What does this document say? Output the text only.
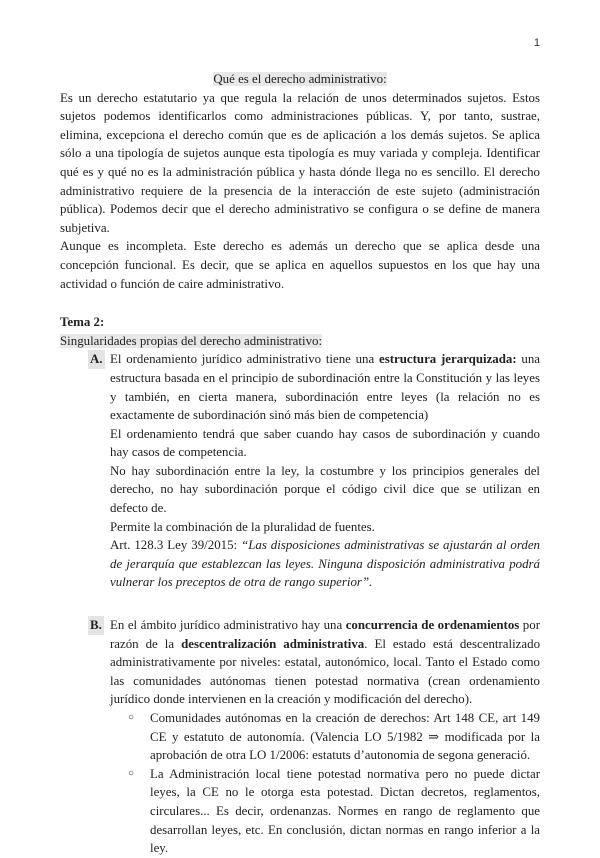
1

Qué es el derecho administrativo:

Es un derecho estatutario ya que regula la relación de unos determinados sujetos. Estos sujetos podemos identificarlos como administraciones públicas. Y, por tanto, sustrae, elimina, excepciona el derecho común que es de aplicación a los demás sujetos. Se aplica sólo a una tipología de sujetos aunque esta tipología es muy variada y compleja. Identificar qué es y qué no es la administración pública y hasta dónde llega no es sencillo. El derecho administrativo requiere de la presencia de la interacción de este sujeto (administración pública). Podemos decir que el derecho administrativo se configura o se define de manera subjetiva.

Aunque es incompleta. Este derecho es además un derecho que se aplica desde una concepción funcional. Es decir, que se aplica en aquellos supuestos en los que hay una actividad o función de caire administrativo.

Tema 2:

Singularidades propias del derecho administrativo:

A. El ordenamiento jurídico administrativo tiene una estructura jerarquizada: una estructura basada en el principio de subordinación entre la Constitución y las leyes y también, en cierta manera, subordinación entre leyes (la relación no es exactamente de subordinación sinó más bien de competencia)

El ordenamiento tendrá que saber cuando hay casos de subordinación y cuando hay casos de competencia.

No hay subordinación entre la ley, la costumbre y los principios generales del derecho, no hay subordinación porque el código civil dice que se utilizan en defecto de.

Permite la combinación de la pluralidad de fuentes.

Art. 128.3 Ley 39/2015: “Las disposiciones administrativas se ajustarán al orden de jerarquía que establezcan las leyes. Ninguna disposición administrativa podrá vulnerar los preceptos de otra de rango superior”.

B. En el ámbito jurídico administrativo hay una concurrencia de ordenamientos por razón de la descentralización administrativa. El estado está descentralizado administrativamente por niveles: estatal, autonómico, local. Tanto el Estado como las comunidades autónomas tienen potestad normativa (crean ordenamiento jurídico donde intervienen en la creación y modificación del derecho).

○ Comunidades autónomas en la creación de derechos: Art 148 CE, art 149 CE y estatuto de autonomía. (Valencia LO 5/1982 ⇒ modificada por la aprobación de otra LO 1/2006: estatuts d’autonomia de segona generació.

○ La Administración local tiene potestad normativa pero no puede dictar leyes, la CE no le otorga esta potestad. Dictan decretos, reglamentos, circulares... Es decir, ordenanzas. Normes en rango de reglamento que desarrollan leyes, etc. En conclusión, dictan normas en rango inferior a la ley.
